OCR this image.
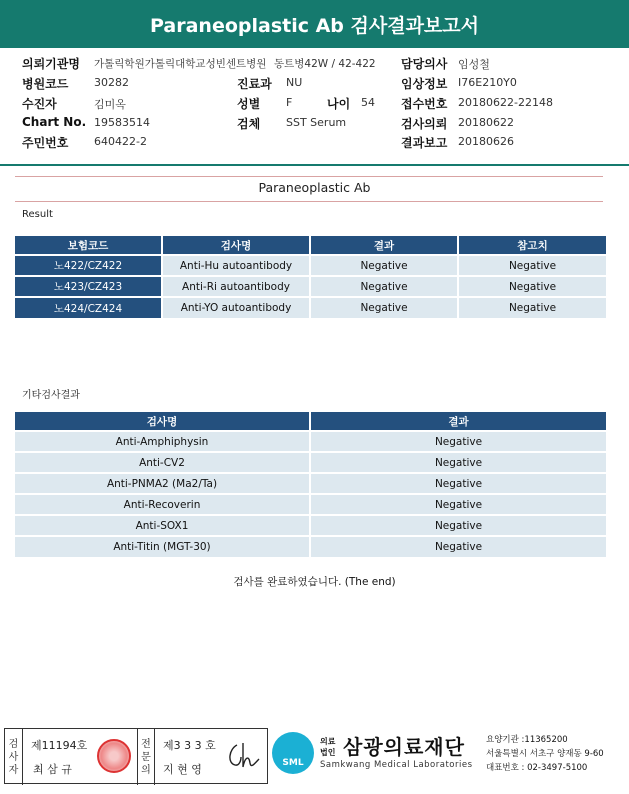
Paraneoplastic Ab 검사결과보고서
의뢰기관명 가톨릭학원가톨릭대학교성빈센트병원 동트병42W / 42-422 담당의사 임성철
병원코드 30282	진료과 NU	임상정보 I76E210Y0
수진자	김미옥	성별 F	나이 54 접수번호 20180622-22148
Chart No. 19583514	검체 SST Serum	검사의뢰 20180622
주민번호 640422-2	결과보고 20180626
Paraneoplastic Ab
Result
보험코드	검사명	결과	참고치
노422/CZ422	Anti-Hu autoantibody	Negative	Negative
노423/CZ423	Anti-Ri autoantibody	Negative	Negative
노424/CZ424	Anti-YO autoantibody	Negative	Negative
기타검사결과
검사명	결과
Anti-Amphiphysin	Negative
Anti-CV2	Negative
Anti-PNMA2 (Ma2/Ta)	Negative
Anti-Recoverin	Negative
Anti-SOX1	Negative
Anti-Titin (MGT-30)	Negative
검사를 완료하였습니다. (The end)
검
사
자
제11194호
최 삼 규
전
문
의
제3 3 3 호
지 현 영	SML
의료
법인 삼광의료재단
Samkwang Medical Laboratories
요양기관 :11365200
서울특별시 서초구 양재동 9-60
대표번호 : 02-3497-5100
